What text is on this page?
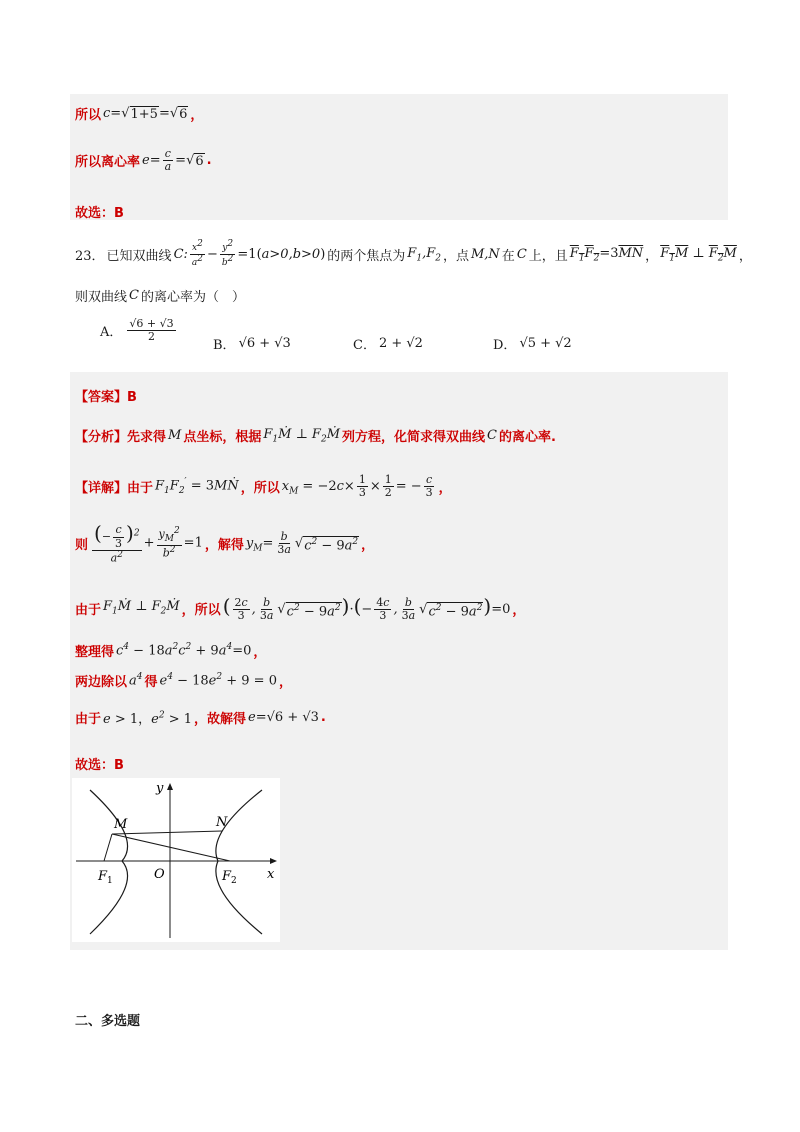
所以 c= √ 1+5 = √ 6 ，
所以离心率 $e= \frac{c}{a}$ = √ 6 .
故选：B
23． 已知双曲线 C: $\frac{x^2}{a^2} - \frac{y^2}{b^2} =1(a>0,b>0)$ 的两个焦点为 $F_1,F_2$ ，点 M,N 在 C 上，且 $F_1F_2=3\overline{MN}$ ， $F_1M$ ⊥ $F_2M$ ，
则双曲线 C 的离心率为（　）
A． $\frac{√6 + √3}{2}$
B． √6 + √3	C． 2 + √2	D． √5 + √2
【答案】B
【分析】先求得 M 点坐标，根据 $F_1Ṁ$ ⊥ $F_2Ṁ$ 列方程，化简求得双曲线 C 的离心率.
【详解】由于 $F_1F_2'$ = 3MṄ ，所以 $x_M = -2c\times \frac{1}{3} \times \frac{1}{2}$ = − $\frac{c}{3}$ ，
则 $\frac{(- \frac{c}{3} )^2}{a^2} + \frac{y_M^2}{b^2} =1$ ，解得 $y_M= \frac{b}{3a}$ √ $c^2 - 9a^2$ ，
由于 $F_1Ṁ$ ⊥ $F_2Ṁ$ ，所以 ( $\frac{2c}{3}$ , $\frac{b}{3a}$ √ $c^2 - 9a^2$ )·(− $\frac{4c}{3}$ , $\frac{b}{3a}$ √ $c^2 - 9a^2$ )=0 ，
整理得 $c^4 - 18a^2c^2 + 9a^4=0$ ，
两边除以 $a^4$ 得 $e^4 - 18e^2 + 9 = 0$ ，
由于 e > 1，$e^2 > 1$ ，故解得 e=√6 + √3 .
故选：B
y
x
M	N
O
$F_1$	$F_2$
二、多选题
